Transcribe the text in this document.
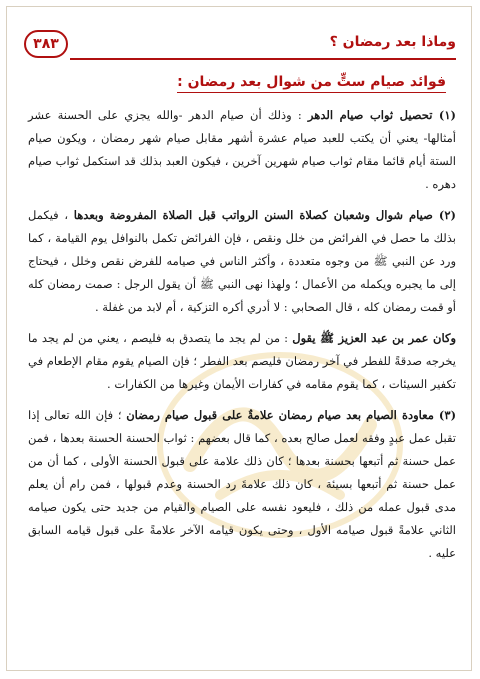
وماذا بعد رمضان ؟
٣٨٣
فوائد صيام ستٍّ من شوال بعد رمضان :

(١) تحصيل ثواب صيام الدهر : وذلك أن صيام الدهر -والله يجزي على الحسنة عشر أمثالها- يعني أن يكتب للعبد صيام عشرة أشهر مقابل صيام شهر رمضان ، ويكون صيام الستة أيام قائما مقام ثواب صيام شهرين آخرين ، فيكون العبد بذلك قد استكمل ثواب صيام دهره .

(٢) صيام شوال وشعبان كصلاة السنن الرواتب قبل الصلاة المفروضة وبعدها ، فيكمل بذلك ما حصل في الفرائض من خلل ونقص ، فإن الفرائض تكمل بالنوافل يوم القيامة ، كما ورد عن النبي ﷺ من وجوه متعددة ، وأكثر الناس في صيامه للفرض نقص وخلل ، فيحتاج إلى ما يجبره ويكمله من الأعمال ؛ ولهذا نهى النبي ﷺ أن يقول الرجل : صمت رمضان كله أو قمت رمضان كله ، قال الصحابي : لا أدري أكره التزكية ، أم لابد من غفلة .

وكان عمر بن عبد العزيز ﷺ يقول : من لم يجد ما يتصدق به فليصم ، يعني من لم يجد ما يخرجه صدقةً للفطر في آخر رمضان فليصم بعد الفطر ؛ فإن الصيام يقوم مقام الإطعام في تكفير السيئات ، كما يقوم مقامه في كفارات الأيمان وغيرها من الكفارات .

(٣) معاودة الصيام بعد صيام رمضان علامةٌ على قبول صيام رمضان ؛ فإن الله تعالى إذا تقبل عمل عبدٍ وفقه لعمل صالح بعده ، كما قال بعضهم : ثواب الحسنة الحسنة بعدها ، فمن عمل حسنة ثم أتبعها بحسنة بعدها ؛ كان ذلك علامة على قبول الحسنة الأولى ، كما أن من عمل حسنة ثم أتبعها بسيئة ، كان ذلك علامةَ رد الحسنة وعدم قبولها ، فمن رام أن يعلم مدى قبول عمله من ذلك ، فليعود نفسه على الصيام والقيام من جديد حتى يكون صيامه الثاني علامةً قبول صيامه الأول ، وحتى يكون قيامه الآخر علامةً على قبول قيامه السابق عليه .
